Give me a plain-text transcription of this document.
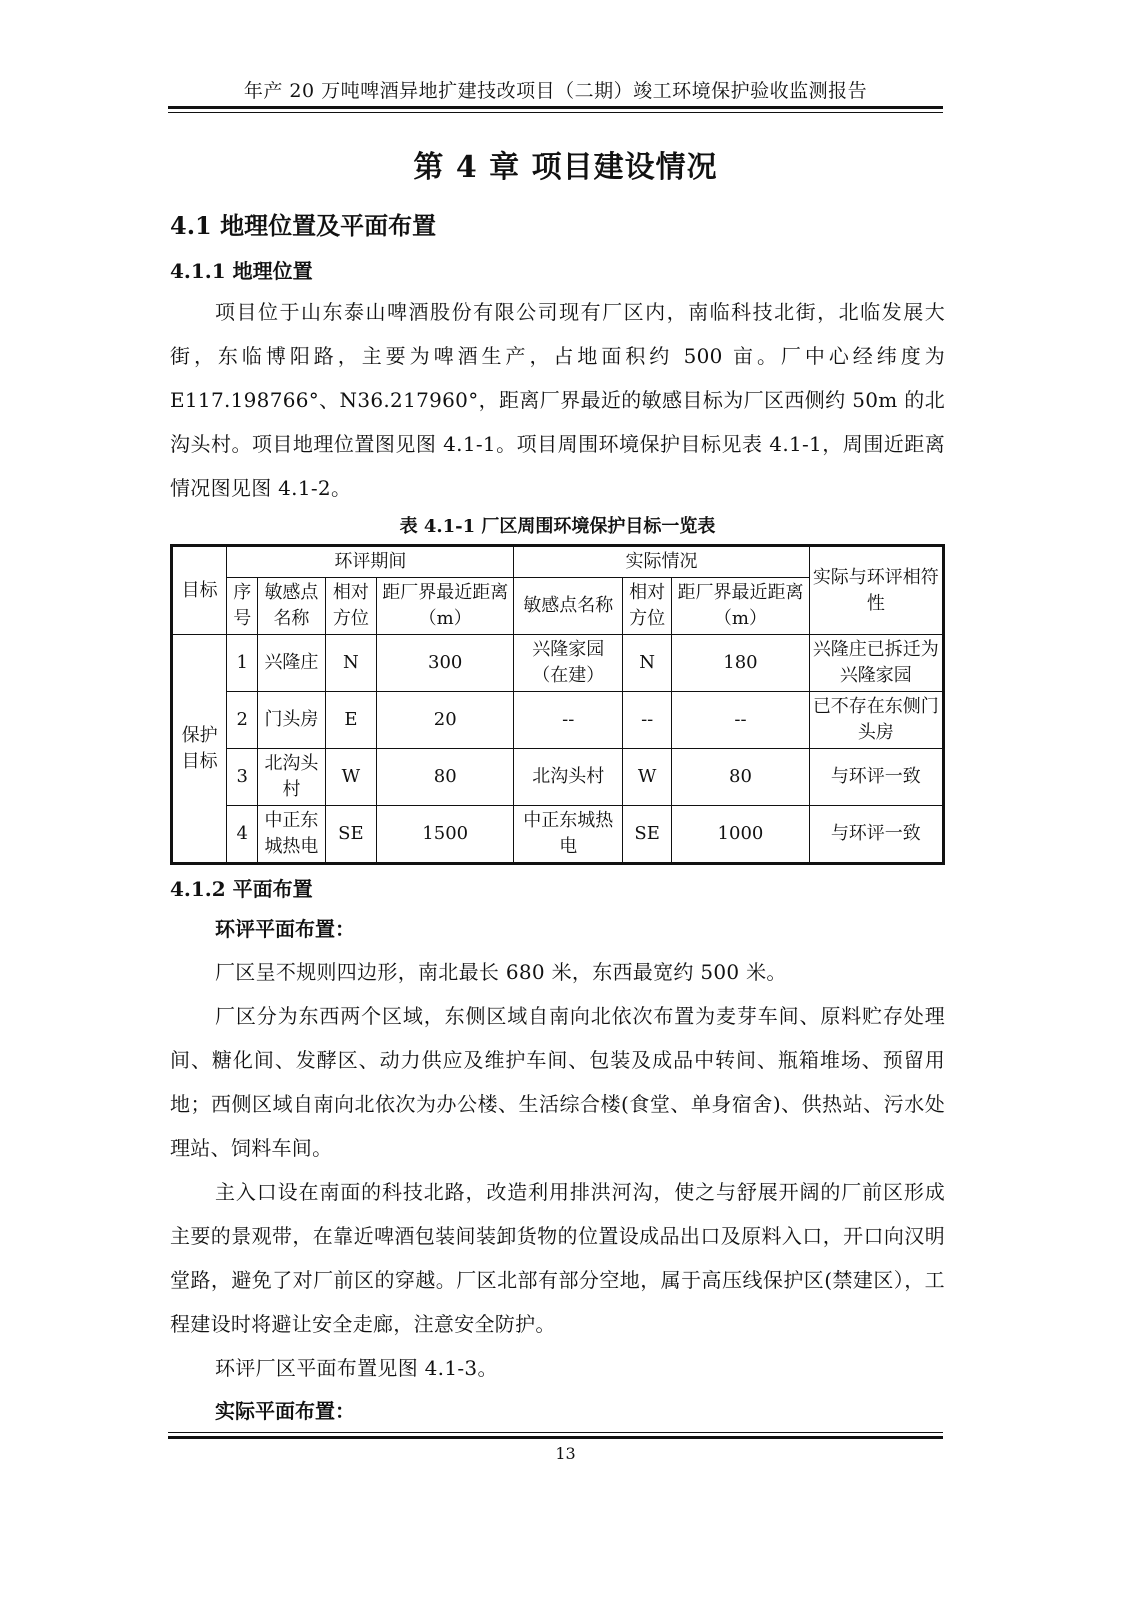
年产 20 万吨啤酒异地扩建技改项目（二期）竣工环境保护验收监测报告
第 4 章 项目建设情况
4.1 地理位置及平面布置
4.1.1 地理位置

项目位于山东泰山啤酒股份有限公司现有厂区内，南临科技北街，北临发展大街，东临博阳路，主要为啤酒生产，占地面积约 500 亩。厂中心经纬度为 E117.198766°、N36.217960°，距离厂界最近的敏感目标为厂区西侧约 50m 的北沟头村。项目地理位置图见图 4.1-1。项目周围环境保护目标见表 4.1-1，周围近距离情况图见图 4.1-2。

表 4.1-1 厂区周围环境保护目标一览表
目标	环评期间				实际情况			实际与环评相符性
	序号	敏感点名称	相对方位	距厂界最近距离（m）	敏感点名称	相对方位	距厂界最近距离（m）	
保护目标	1	兴隆庄	N	300	兴隆家园（在建）	N	180	兴隆庄已拆迁为兴隆家园
	2	门头房	E	20	--	--	--	已不存在东侧门头房
	3	北沟头村	W	80	北沟头村	W	80	与环评一致
	4	中正东城热电	SE	1500	中正东城热电	SE	1000	与环评一致
4.1.2 平面布置

环评平面布置：

厂区呈不规则四边形，南北最长 680 米，东西最宽约 500 米。

厂区分为东西两个区域，东侧区域自南向北依次布置为麦芽车间、原料贮存处理间、糖化间、发酵区、动力供应及维护车间、包装及成品中转间、瓶箱堆场、预留用地；西侧区域自南向北依次为办公楼、生活综合楼(食堂、单身宿舍)、供热站、污水处理站、饲料车间。

主入口设在南面的科技北路，改造利用排洪河沟，使之与舒展开阔的厂前区形成主要的景观带，在靠近啤酒包装间装卸货物的位置设成品出口及原料入口，开口向汉明堂路，避免了对厂前区的穿越。厂区北部有部分空地，属于高压线保护区(禁建区），工程建设时将避让安全走廊，注意安全防护。

环评厂区平面布置见图 4.1-3。

实际平面布置：

13
